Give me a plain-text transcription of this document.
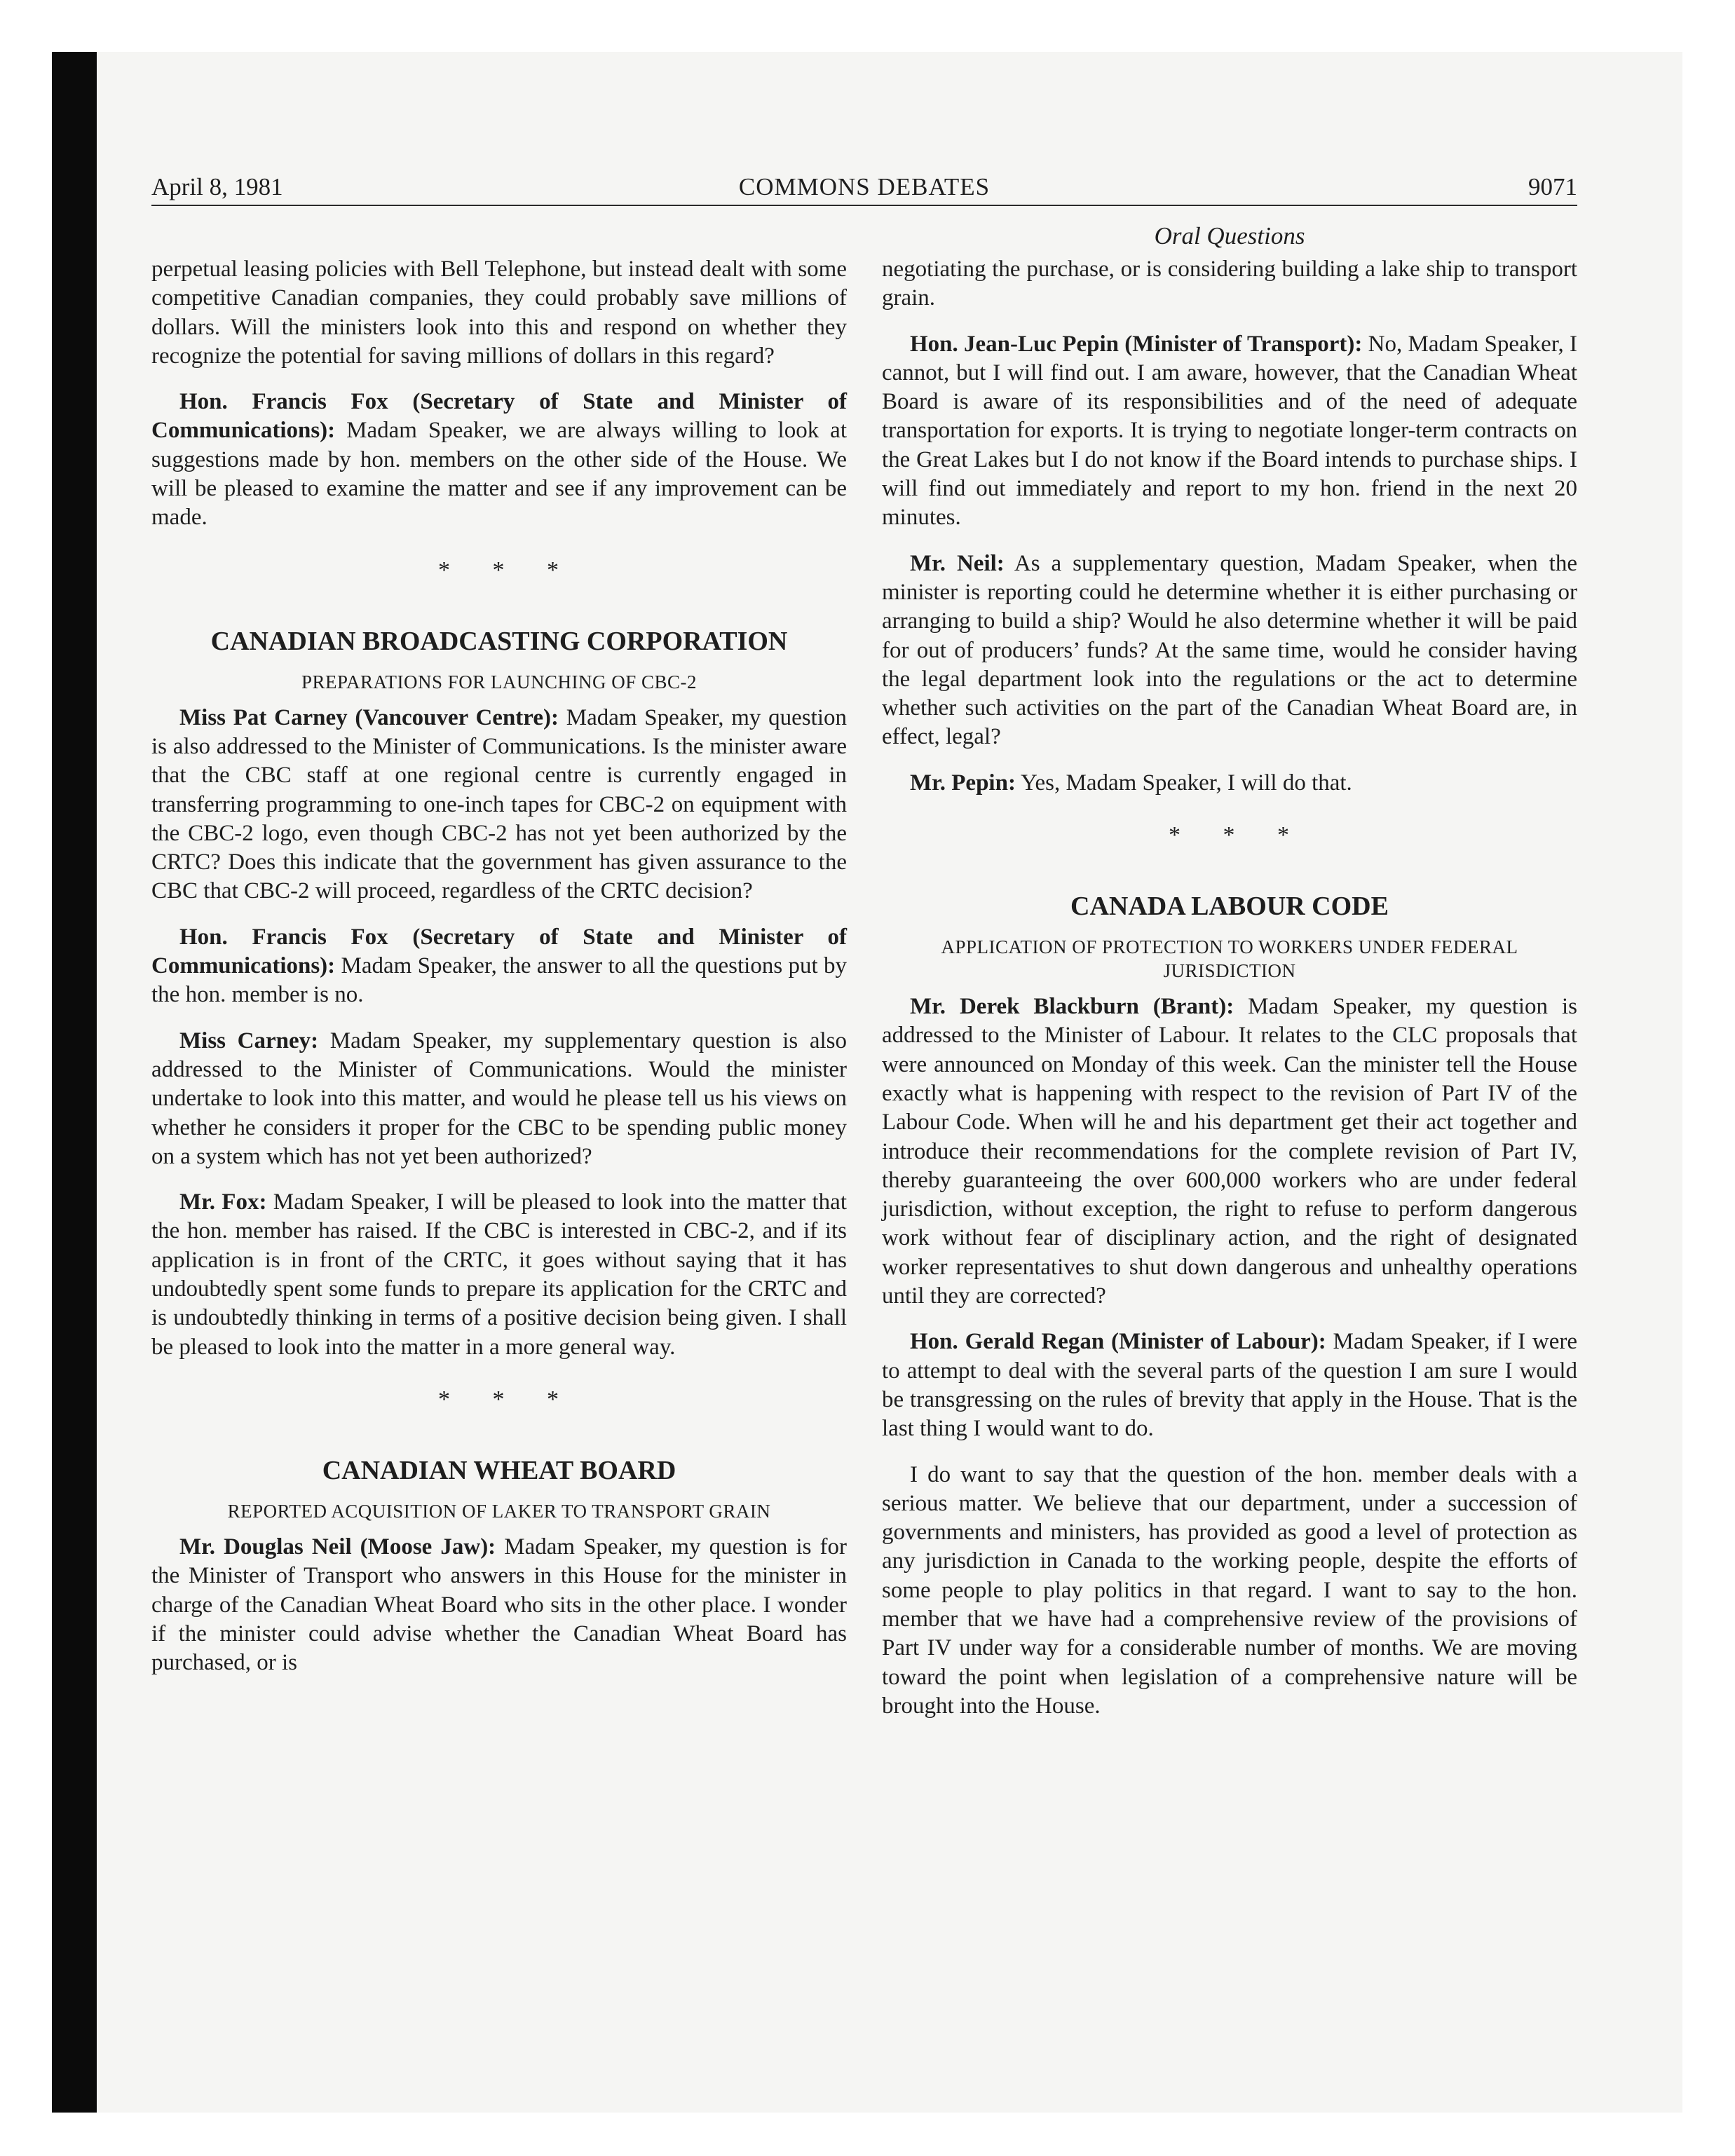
April 8, 1981	COMMONS DEBATES	9071
Oral Questions

perpetual leasing policies with Bell Telephone, but instead dealt with some competitive Canadian companies, they could probably save millions of dollars. Will the ministers look into this and respond on whether they recognize the potential for saving millions of dollars in this regard?

Hon. Francis Fox (Secretary of State and Minister of Communications): Madam Speaker, we are always willing to look at suggestions made by hon. members on the other side of the House. We will be pleased to examine the matter and see if any improvement can be made.

* * *
CANADIAN BROADCASTING CORPORATION
PREPARATIONS FOR LAUNCHING OF CBC-2

Miss Pat Carney (Vancouver Centre): Madam Speaker, my question is also addressed to the Minister of Communications. Is the minister aware that the CBC staff at one regional centre is currently engaged in transferring programming to one-inch tapes for CBC-2 on equipment with the CBC-2 logo, even though CBC-2 has not yet been authorized by the CRTC? Does this indicate that the government has given assurance to the CBC that CBC-2 will proceed, regardless of the CRTC decision?

Hon. Francis Fox (Secretary of State and Minister of Communications): Madam Speaker, the answer to all the questions put by the hon. member is no.

Miss Carney: Madam Speaker, my supplementary question is also addressed to the Minister of Communications. Would the minister undertake to look into this matter, and would he please tell us his views on whether he considers it proper for the CBC to be spending public money on a system which has not yet been authorized?

Mr. Fox: Madam Speaker, I will be pleased to look into the matter that the hon. member has raised. If the CBC is interested in CBC-2, and if its application is in front of the CRTC, it goes without saying that it has undoubtedly spent some funds to prepare its application for the CRTC and is undoubtedly thinking in terms of a positive decision being given. I shall be pleased to look into the matter in a more general way.

* * *
CANADIAN WHEAT BOARD
REPORTED ACQUISITION OF LAKER TO TRANSPORT GRAIN

Mr. Douglas Neil (Moose Jaw): Madam Speaker, my question is for the Minister of Transport who answers in this House for the minister in charge of the Canadian Wheat Board who sits in the other place. I wonder if the minister could advise whether the Canadian Wheat Board has purchased, or is

negotiating the purchase, or is considering building a lake ship to transport grain.

Hon. Jean-Luc Pepin (Minister of Transport): No, Madam Speaker, I cannot, but I will find out. I am aware, however, that the Canadian Wheat Board is aware of its responsibilities and of the need of adequate transportation for exports. It is trying to negotiate longer-term contracts on the Great Lakes but I do not know if the Board intends to purchase ships. I will find out immediately and report to my hon. friend in the next 20 minutes.

Mr. Neil: As a supplementary question, Madam Speaker, when the minister is reporting could he determine whether it is either purchasing or arranging to build a ship? Would he also determine whether it will be paid for out of producers’ funds? At the same time, would he consider having the legal department look into the regulations or the act to determine whether such activities on the part of the Canadian Wheat Board are, in effect, legal?

Mr. Pepin: Yes, Madam Speaker, I will do that.

* * *
CANADA LABOUR CODE
APPLICATION OF PROTECTION TO WORKERS UNDER FEDERAL JURISDICTION

Mr. Derek Blackburn (Brant): Madam Speaker, my question is addressed to the Minister of Labour. It relates to the CLC proposals that were announced on Monday of this week. Can the minister tell the House exactly what is happening with respect to the revision of Part IV of the Labour Code. When will he and his department get their act together and introduce their recommendations for the complete revision of Part IV, thereby guaranteeing the over 600,000 workers who are under federal jurisdiction, without exception, the right to refuse to perform dangerous work without fear of disciplinary action, and the right of designated worker representatives to shut down dangerous and unhealthy operations until they are corrected?

Hon. Gerald Regan (Minister of Labour): Madam Speaker, if I were to attempt to deal with the several parts of the question I am sure I would be transgressing on the rules of brevity that apply in the House. That is the last thing I would want to do.

I do want to say that the question of the hon. member deals with a serious matter. We believe that our department, under a succession of governments and ministers, has provided as good a level of protection as any jurisdiction in Canada to the working people, despite the efforts of some people to play politics in that regard. I want to say to the hon. member that we have had a comprehensive review of the provisions of Part IV under way for a considerable number of months. We are moving toward the point when legislation of a comprehensive nature will be brought into the House.
